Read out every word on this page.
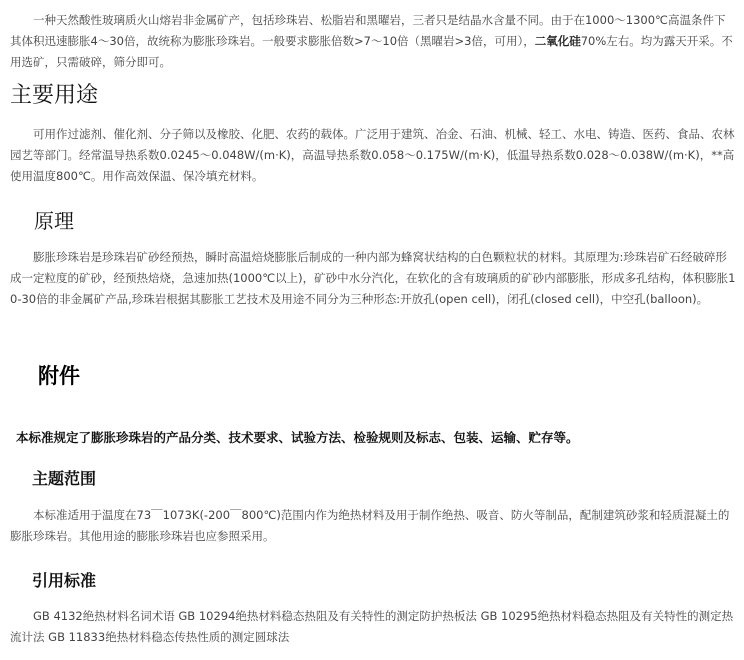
一种天然酸性玻璃质火山熔岩非金属矿产，包括珍珠岩、松脂岩和黑曜岩，三者只是结晶水含量不同。由于在1000～1300℃高温条件下其体积迅速膨胀4～30倍，故统称为膨胀珍珠岩。一般要求膨胀倍数>7～10倍（黑曜岩>3倍，可用），二氧化硅70%左右。均为露天开采。不用选矿，只需破碎，筛分即可。

主要用途

可用作过滤剂、催化剂、分子筛以及橡胶、化肥、农药的载体。广泛用于建筑、冶金、石油、机械、轻工、水电、铸造、医药、食品、农林园艺等部门。经常温导热系数0.0245～0.048W/(m·K)，高温导热系数0.058～0.175W/(m·K)，低温导热系数0.028～0.038W/(m·K)，**高使用温度800℃。用作高效保温、保冷填充材料。

原理

膨胀珍珠岩是珍珠岩矿砂经预热，瞬时高温焙烧膨胀后制成的一种内部为蜂窝状结构的白色颗粒状的材料。其原理为:珍珠岩矿石经破碎形成一定粒度的矿砂，经预热焙烧，急速加热(1000℃以上)，矿砂中水分汽化，在软化的含有玻璃质的矿砂内部膨胀，形成多孔结构，体积膨胀10-30倍的非金属矿产品,珍珠岩根据其膨胀工艺技术及用途不同分为三种形态:开放孔(open cell)，闭孔(closed cell)，中空孔(balloon)。

附件

本标准规定了膨胀珍珠岩的产品分类、技术要求、试验方法、检验规则及标志、包装、运输、贮存等。

主题范围

本标准适用于温度在73￣1073K(-200￣800℃)范围内作为绝热材料及用于制作绝热、吸音、防火等制品，配制建筑砂浆和轻质混凝土的膨胀珍珠岩。其他用途的膨胀珍珠岩也应参照采用。

引用标准

GB 4132绝热材料名词术语 GB 10294绝热材料稳态热阻及有关特性的测定防护热板法 GB 10295绝热材料稳态热阻及有关特性的测定热流计法 GB 11833绝热材料稳态传热性质的测定圆球法
